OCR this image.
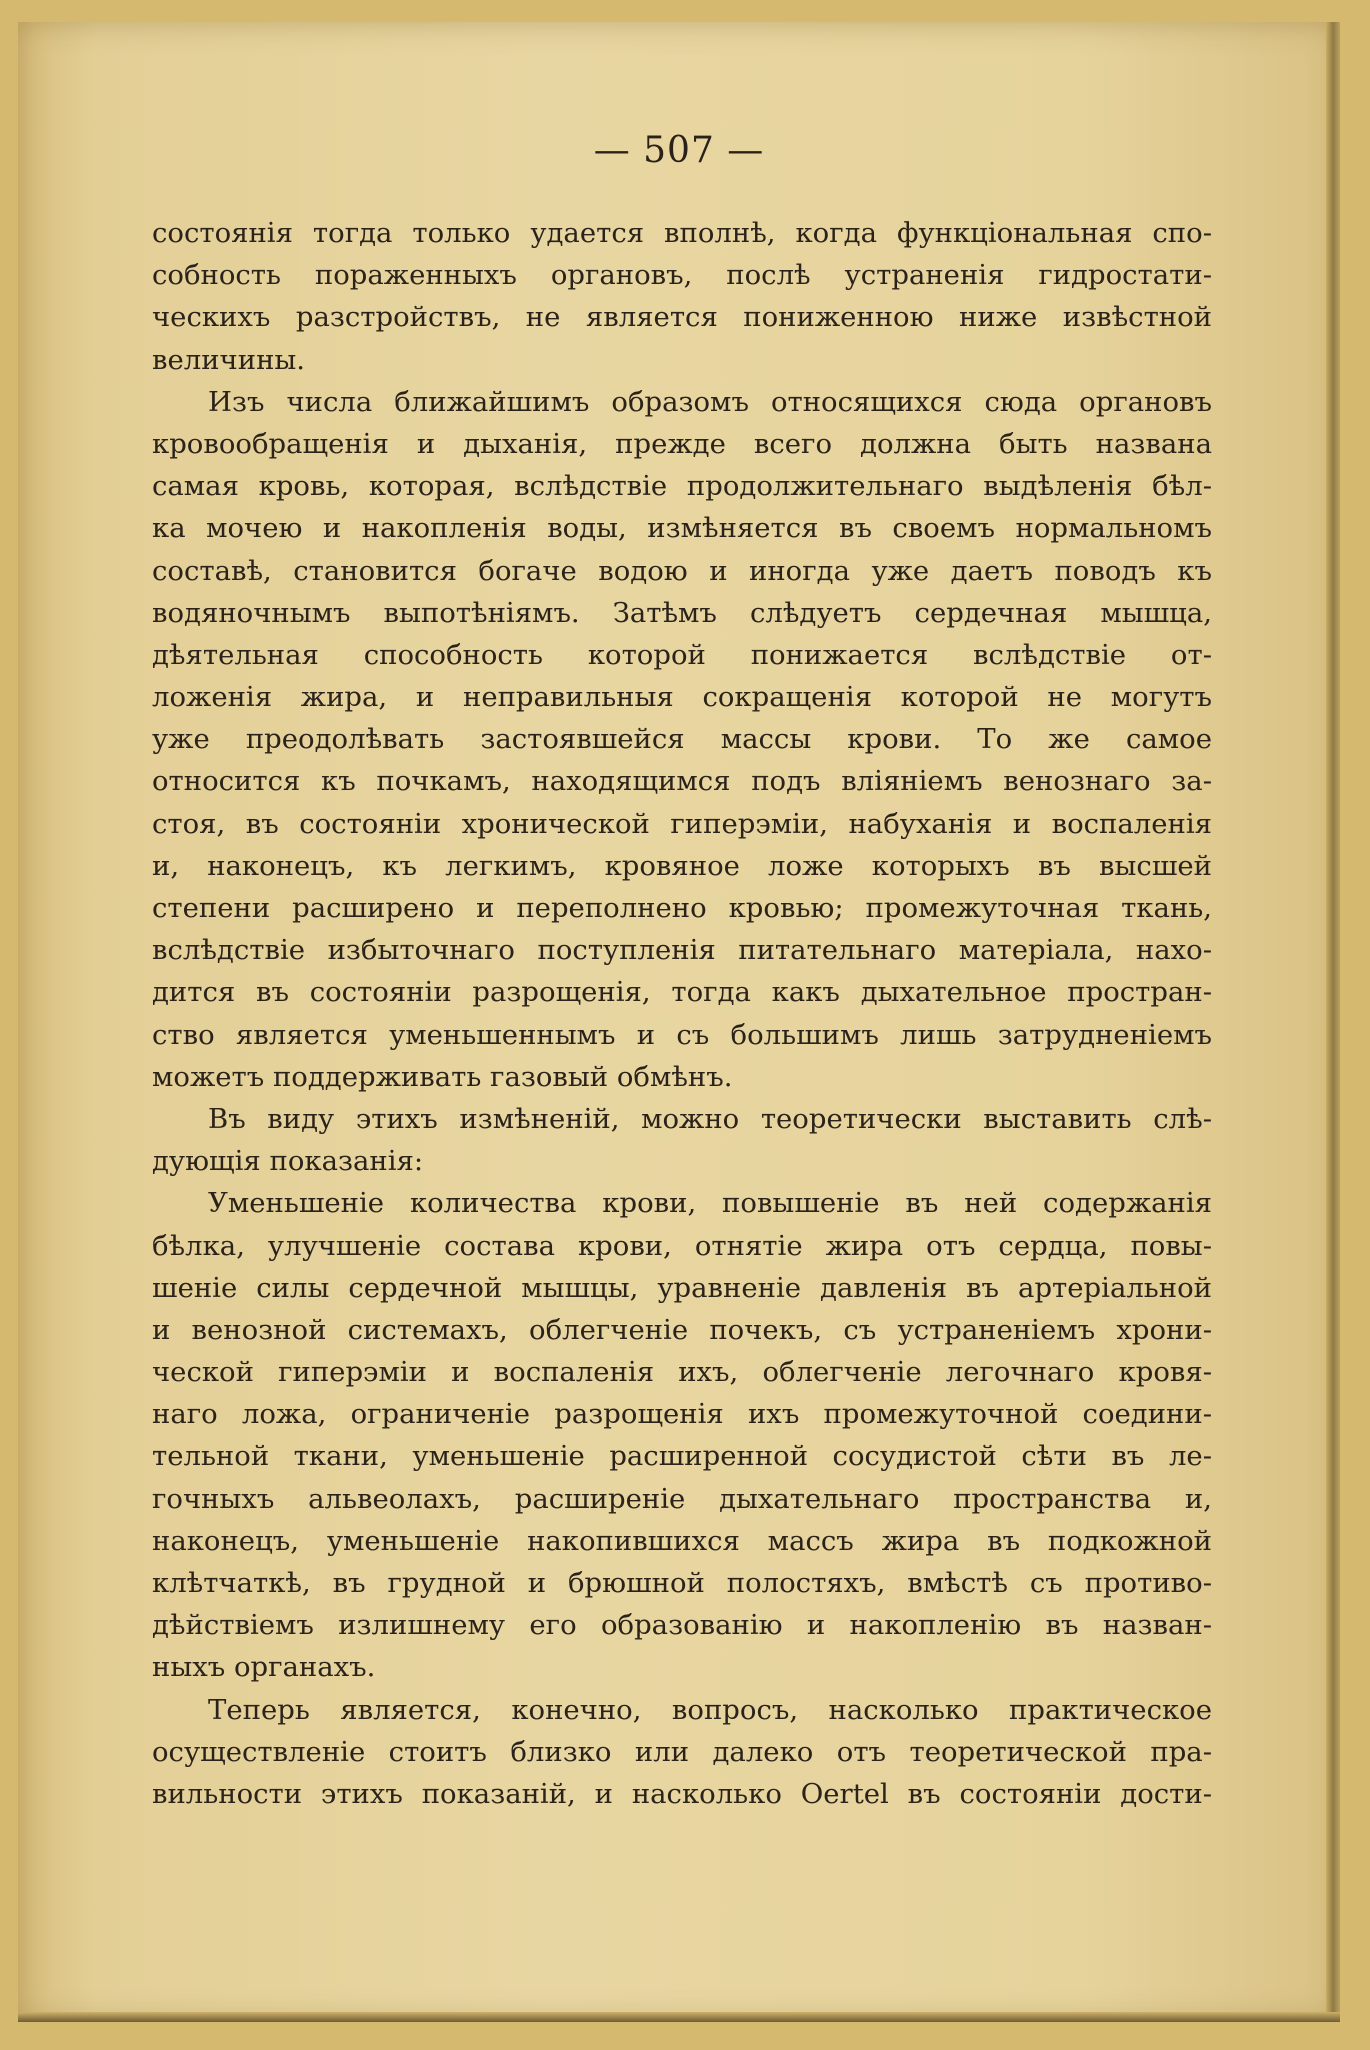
— 507 —
состоянія тогда только удается вполнѣ, когда функціональная спо-
собность пораженныхъ органовъ, послѣ устраненія гидростати-
ческихъ разстройствъ, не является пониженною ниже извѣстной
величины.
Изъ числа ближайшимъ образомъ относящихся сюда органовъ
кровообращенія и дыханія, прежде всего должна быть названа
самая кровь, которая, вслѣдствіе продолжительнаго выдѣленія бѣл-
ка мочею и накопленія воды, измѣняется въ своемъ нормальномъ
составѣ, становится богаче водою и иногда уже даетъ поводъ къ
водяночнымъ выпотѣніямъ. Затѣмъ слѣдуетъ сердечная мышца,
дѣятельная способность которой понижается вслѣдствіе от-
ложенія жира, и неправильныя сокращенія которой не могутъ
уже преодолѣвать застоявшейся массы крови. То же самое
относится къ почкамъ, находящимся подъ вліяніемъ венознаго за-
стоя, въ состояніи хронической гиперэміи, набуханія и воспаленія
и, наконецъ, къ легкимъ, кровяное ложе которыхъ въ высшей
степени расширено и переполнено кровью; промежуточная ткань,
вслѣдствіе избыточнаго поступленія питательнаго матеріала, нахо-
дится въ состояніи разрощенія, тогда какъ дыхательное простран-
ство является уменьшеннымъ и съ большимъ лишь затрудненіемъ
можетъ поддерживать газовый обмѣнъ.
Въ виду этихъ измѣненій, можно теоретически выставить слѣ-
дующія показанія:
Уменьшеніе количества крови, повышеніе въ ней содержанія
бѣлка, улучшеніе состава крови, отнятіе жира отъ сердца, повы-
шеніе силы сердечной мышцы, уравненіе давленія въ артеріальной
и венозной системахъ, облегченіе почекъ, съ устраненіемъ хрони-
ческой гиперэміи и воспаленія ихъ, облегченіе легочнаго кровя-
наго ложа, ограниченіе разрощенія ихъ промежуточной соедини-
тельной ткани, уменьшеніе расширенной сосудистой сѣти въ ле-
гочныхъ альвеолахъ, расширеніе дыхательнаго пространства и,
наконецъ, уменьшеніе накопившихся массъ жира въ подкожной
клѣтчаткѣ, въ грудной и брюшной полостяхъ, вмѣстѣ съ противо-
дѣйствіемъ излишнему его образованію и накопленію въ назван-
ныхъ органахъ.
Теперь является, конечно, вопросъ, насколько практическое
осуществленіе стоитъ близко или далеко отъ теоретической пра-
вильности этихъ показаній, и насколько Oertel въ состояніи дости-
